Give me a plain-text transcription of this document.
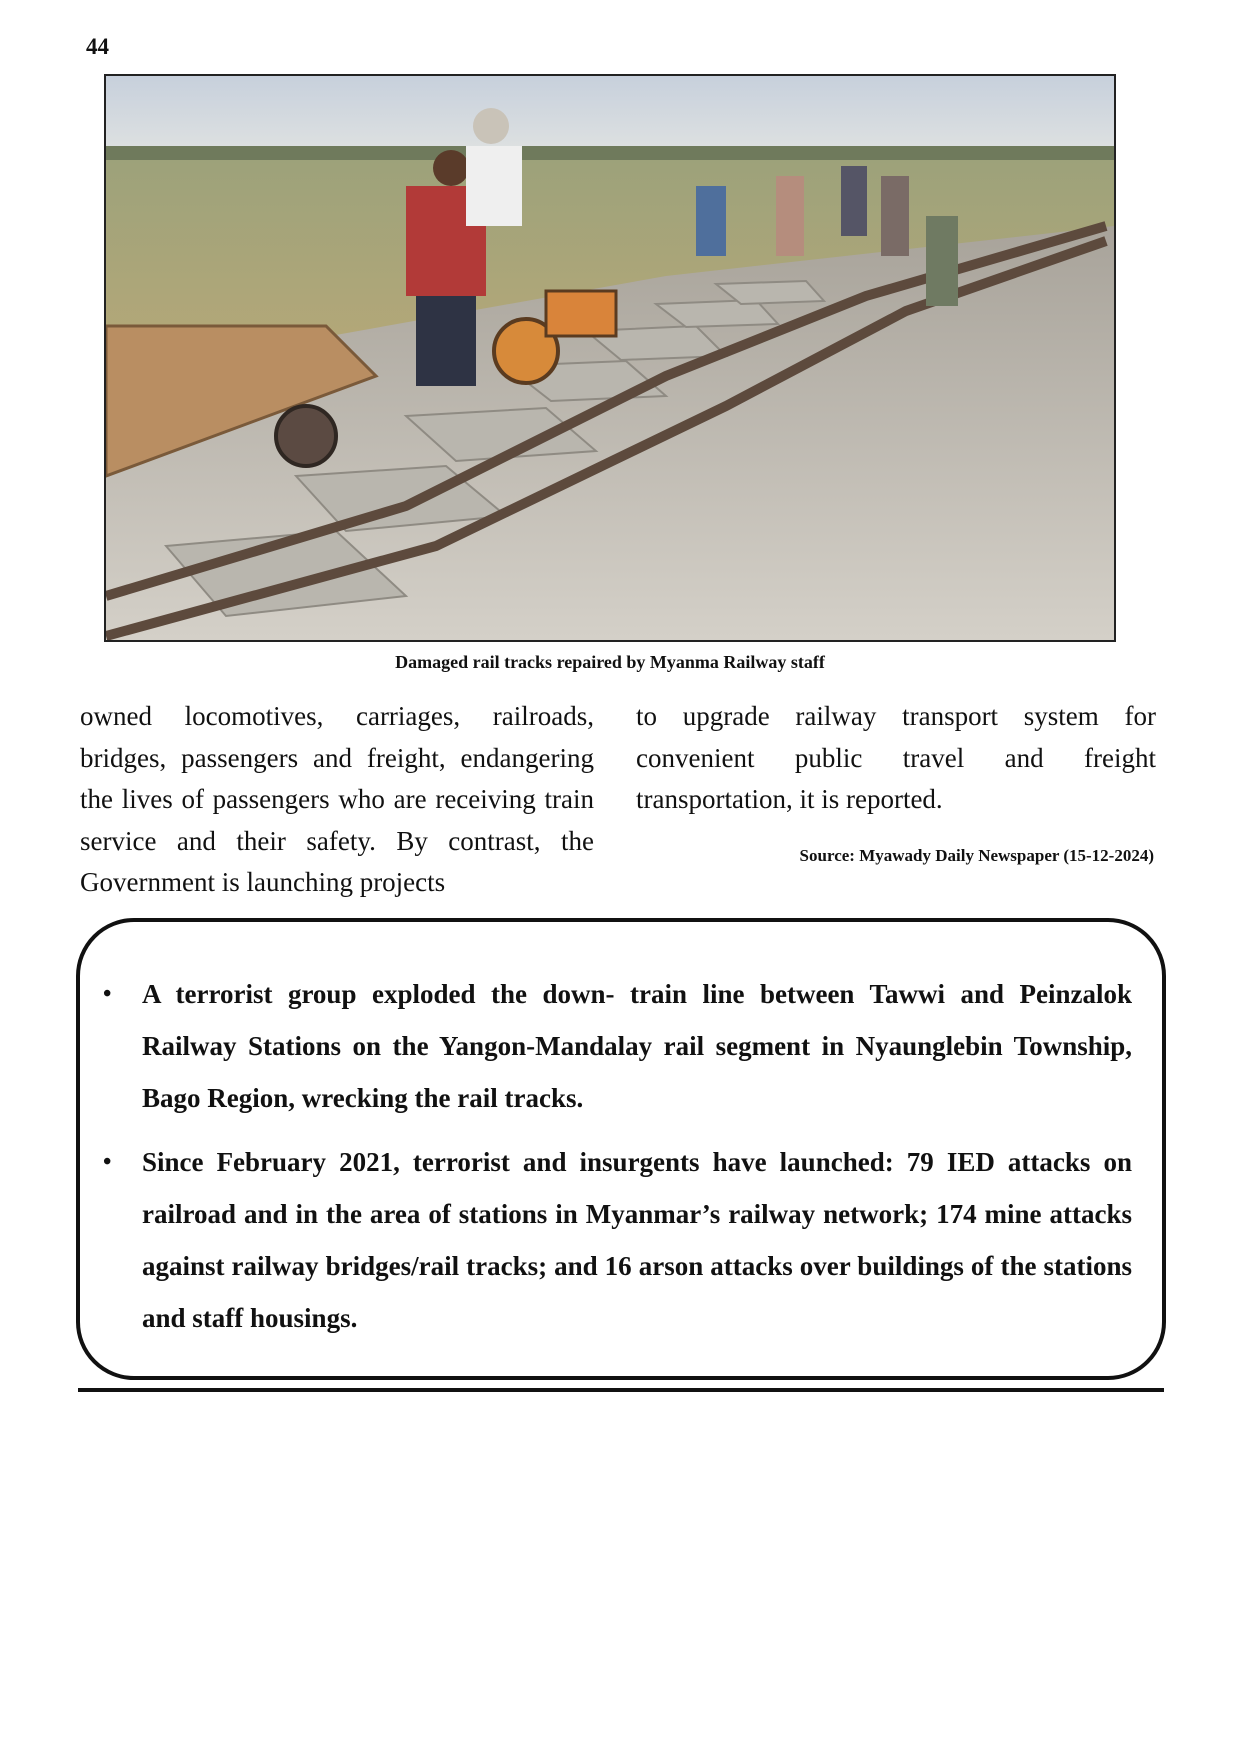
44
Damaged rail tracks repaired by Myanma Railway staff
owned locomotives, carriages, railroads, bridges, passengers and freight, endangering the lives of passengers who are receiving train service and their safety. By contrast, the Government is launching projects
to upgrade railway transport system for convenient public travel and freight transportation, it is reported.
Source: Myawady Daily Newspaper (15-12-2024)
• A terrorist group exploded the down- train line between Tawwi and Peinzalok Railway Stations on the Yangon-Mandalay rail segment in Nyaunglebin Township, Bago Region, wrecking the rail tracks.
• Since February 2021, terrorist and insurgents have launched: 79 IED attacks on railroad and in the area of stations in Myanmar’s railway network; 174 mine attacks against railway bridges/rail tracks; and 16 arson attacks over buildings of the stations and staff housings.
